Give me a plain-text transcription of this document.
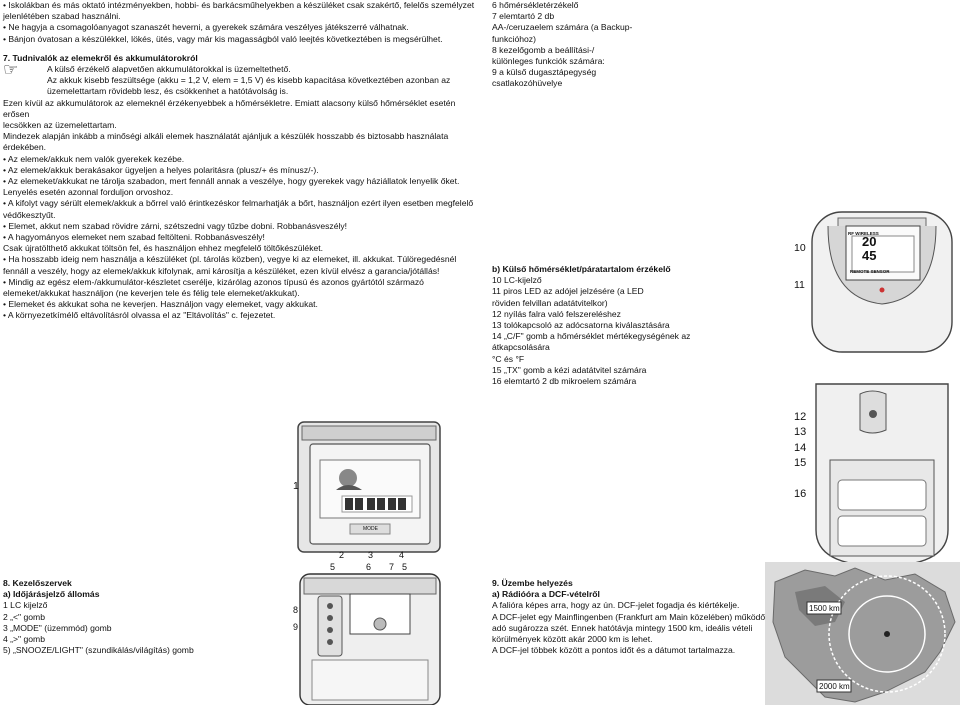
• Iskolákban és más oktató intézményekben, hobbi- és barkácsműhelyekben a készüléket csak szakértő, felelős személyzet

jelenlétében szabad használni.

• Ne hagyja a csomagolóanyagot szanaszét heverni, a gyerekek számára veszélyes játékszerré válhatnak.

• Bánjon óvatosan a készülékkel, lökés, ütés, vagy már kis magasságból való leejtés következtében is megsérülhet.

7. Tudnivalók az elemekről és akkumulátorokról

☞	A külső érzékelő alapvetően akkumulátorokkal is üzemeltethető.

Az akkuk kisebb feszültsége (akku = 1,2 V, elem = 1,5 V) és kisebb kapacitása következtében azonban az

üzemelettartam rövidebb lesz, és csökkenhet a hatótávolság is.

Ezen kívül az akkumulátorok az elemeknél érzékenyebbek a hőmérsékletre. Emiatt alacsony külső hőmérséklet esetén erősen

lecsökken az üzemelettartam.

Mindezek alapján inkább a minőségi alkáli elemek használatát ajánljuk a készülék hosszabb és biztosabb használata

érdekében.

• Az elemek/akkuk nem valók gyerekek kezébe.

• Az elemek/akkuk berakásakor ügyeljen a helyes polaritásra (plusz/+ és mínusz/-).

• Az elemeket/akkukat ne tárolja szabadon, mert fennáll annak a veszélye, hogy gyerekek vagy háziállatok lenyelik őket.

Lenyelés esetén azonnal forduljon orvoshoz.

• A kifolyt vagy sérült elemek/akkuk a bőrrel való érintkezéskor felmarhatják a bőrt, használjon ezért ilyen esetben megfelelő

védőkesztyűt.

• Elemet, akkut nem szabad rövidre zárni, szétszedni vagy tűzbe dobni. Robbanásveszély!

• A hagyományos elemeket nem szabad feltölteni. Robbanásveszély!

Csak újratölthető akkukat töltsön fel, és használjon ehhez megfelelő töltőkészüléket.

• Ha hosszabb ideig nem használja a készüléket (pl. tárolás közben), vegye ki az elemeket, ill. akkukat. Túlöregedésnél

fennáll a veszély, hogy az elemek/akkuk kifolynak, ami károsítja a készüléket, ezen kívül elvész a garancia/jótállás!

• Mindig az egész elem-/akkumulátor-készletet cserélje, kizárólag azonos típusú és azonos gyártótól származó

elemeket/akkukat használjon (ne keverjen tele és félig tele elemeket/akkukat).

• Elemeket és akkukat soha ne keverjen. Használjon vagy elemeket, vagy akkukat.

• A környezetkímélő eltávolításról olvassa el az "Eltávolítás" c. fejezetet.

6 hőmérsékletérzékelő

7 elemtartó 2 db

AA-/ceruzaelem számára (a Backup-

funkcióhoz)

8 kezelőgomb a beállítási-/

különleges funkciók számára:

9 a külső dugasztápegység

csatlakozóhüvelye

b) Külső hőmérséklet/páratartalom érzékelő

10 LC-kijelző

11 piros LED az adójel jelzésére (a LED

röviden felvillan adatátvitelkor)

12 nyílás falra való felszereléshez

13 tolókapcsoló az adócsatorna kiválasztására

14 „C/F" gomb a hőmérséklet mértékegységének az átkapcsolására

°C és °F

15 „TX" gomb a kézi adatátvitel számára

16 elemtartó 2 db mikroelem számára

1
MODE
2	3	4
5	6 7 5
8
9

8. Kezelőszervek

a) Időjárásjelző állomás

1 LC kijelző

2 „<" gomb

3 „MODE" (üzemmód) gomb

4 „>" gomb

5) „SNOOZE/LIGHT" (szundikálás/világítás) gomb

RF WIRELESS
20
45
REMOTE SENSOR
10
11
12
13
14
15
16

9. Üzembe helyezés

a) Rádióóra a DCF-vételről

A falióra képes arra, hogy az ún. DCF-jelet fogadja és kiértékelje.

A DCF-jelet egy Mainflingenben (Frankfurt am Main közelében) működő

adó sugározza szét. Ennek hatótávja mintegy 1500 km, ideális vételi

körülmények között akár 2000 km is lehet.

A DCF-jel többek között a pontos időt és a dátumot tartalmazza.

1500 km
2000 km
